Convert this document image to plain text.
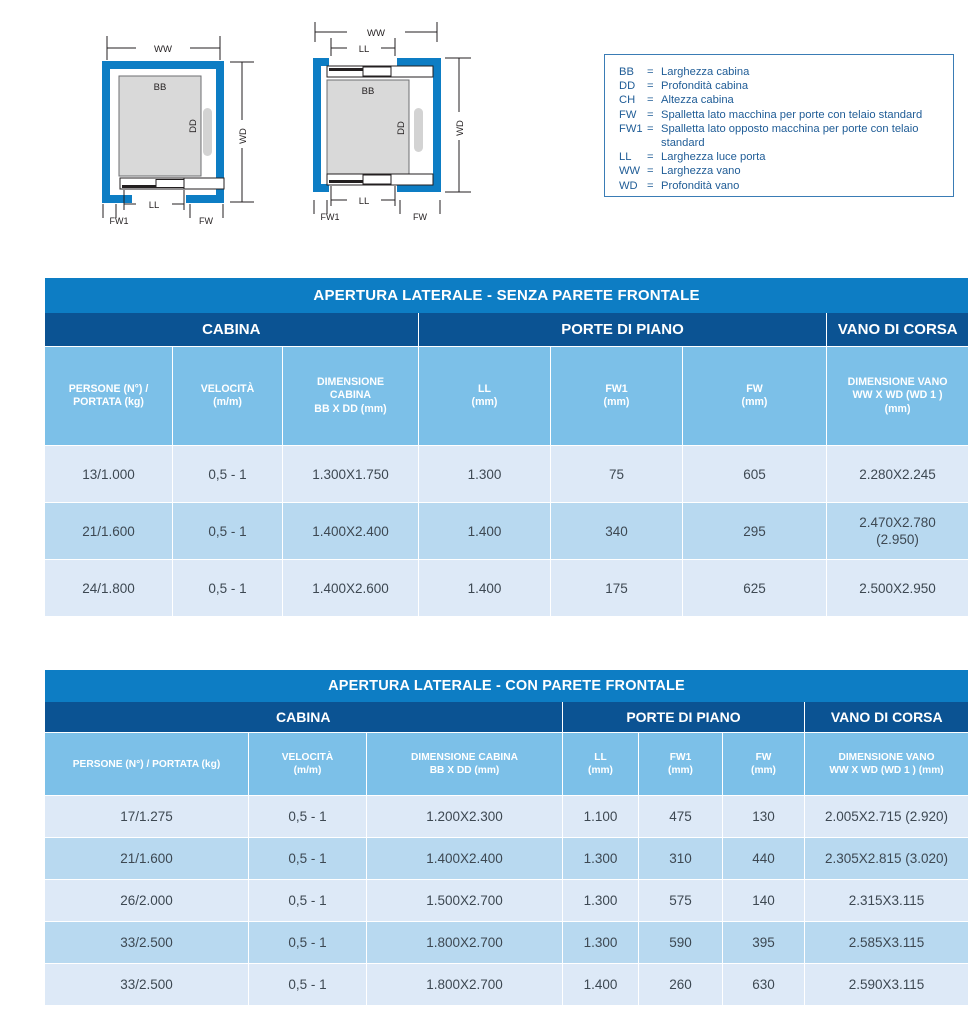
WW
BB
DD
LL
WD
FW1	FW
WW
LL
BB
DD
LL
WD
FW1	FW
BB	= Larghezza cabina
DD	= Profondità cabina
CH	= Altezza cabina
FW = Spalletta lato macchina per porte con telaio standard
FW1 = Spalletta lato opposto macchina per porte con telaio
standard
LL	= Larghezza luce porta
WW = Larghezza vano
WD = Profondità vano
APERTURA LATERALE - SENZA PARETE FRONTALE						
CABINA			PORTE DI PIANO			VANO DI CORSA

PERSONE (N°) /
PORTATA (kg)	VELOCITÀ
(m/m)	DIMENSIONE
CABINA
BB X DD (mm)	LL
(mm)	FW1
(mm)	FW
(mm)	DIMENSIONE VANO
WW X WD (WD 1 )
(mm)

13/1.000	0,5 - 1	1.300X1.750	1.300	75	605	2.280X2.245

21/1.600	0,5 - 1	1.400X2.400	1.400	340	295	2.470X2.780
(2.950)

24/1.800	0,5 - 1	1.400X2.600	1.400	175	625	2.500X2.950
APERTURA LATERALE - CON PARETE FRONTALE						
CABINA			PORTE DI PIANO			VANO DI CORSA

PERSONE (N°) / PORTATA (kg)	VELOCITÀ
(m/m)	DIMENSIONE CABINA
BB X DD (mm)	LL
(mm)	FW1
(mm)	FW
(mm)	DIMENSIONE VANO
WW X WD (WD 1 ) (mm)

17/1.275	0,5 - 1	1.200X2.300	1.100	475	130	2.005X2.715 (2.920)

21/1.600	0,5 - 1	1.400X2.400	1.300	310	440	2.305X2.815 (3.020)

26/2.000	0,5 - 1	1.500X2.700	1.300	575	140	2.315X3.115

33/2.500	0,5 - 1	1.800X2.700	1.300	590	395	2.585X3.115

33/2.500	0,5 - 1	1.800X2.700	1.400	260	630	2.590X3.115
